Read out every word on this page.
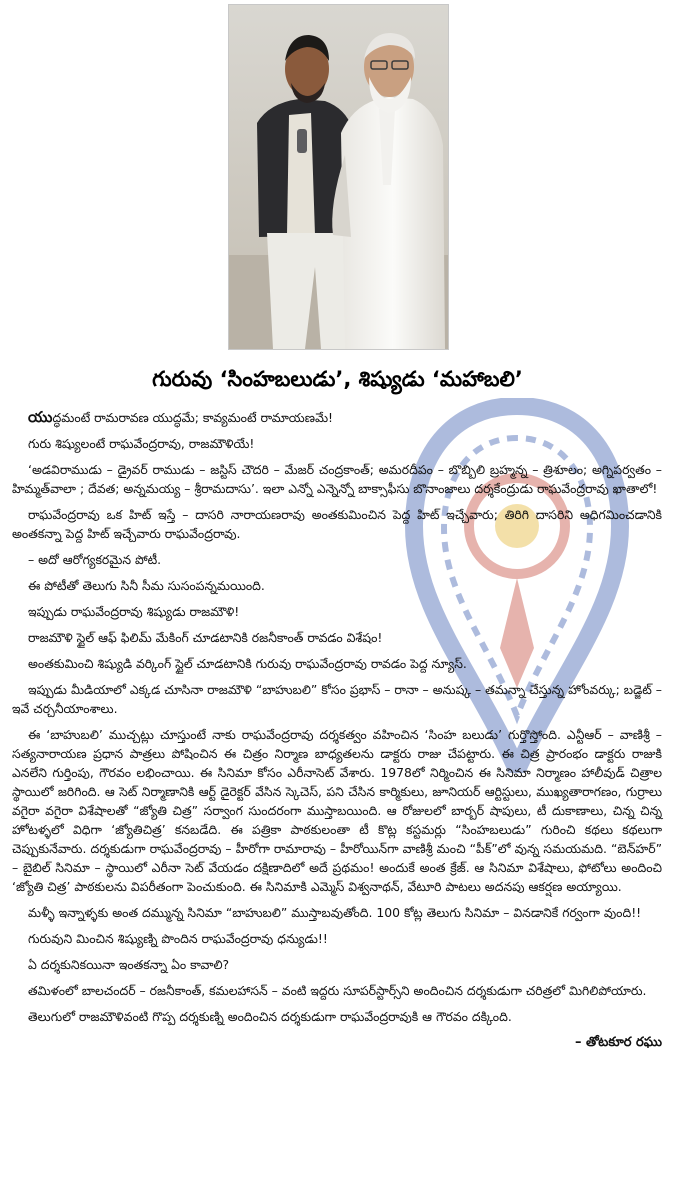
గురువు ‘సింహబలుడు’, శిష్యుడు ‘మహాబలి’

యుద్ధమంటే రామరావణ యుద్ధమే; కావ్యమంటే రామాయణమే!

గురు శిష్యులంటే రాఘవేంద్రరావు, రాజమౌళియే!

‘అడవిరాముడు – డ్రైవర్ రాముడు – జస్టిస్ చౌదరి – మేజర్ చంద్రకాంత్; అమరదీపం – బొబ్బిలి బ్రహ్మన్న – త్రిశూలం; అగ్నిపర్వతం – హిమ్మత్‌వాలా ; దేవత; అన్నమయ్య – శ్రీరామదాసు’. ఇలా ఎన్నో ఎన్నెన్నో బాక్సాఫీసు బొనాంజాలు దర్శకేంద్రుడు రాఘవేంద్రరావు ఖాతాలో!

రాఘవేంద్రరావు ఒక హిట్ ఇస్తే – దాసరి నారాయణరావు అంతకుమించిన పెద్ద హిట్ ఇచ్చేవారు; తిరిగి దాసరిని అధిగమించడానికి అంతకన్నా పెద్ద హిట్ ఇచ్చేవారు రాఘవేంద్రరావు.

– అదో ఆరోగ్యకరమైన పోటీ.

ఈ పోటీతో తెలుగు సినీ సీమ సుసంపన్నమయింది.

ఇప్పుడు రాఘవేంద్రరావు శిష్యుడు రాజమౌళి!

రాజమౌళి స్టైల్ ఆఫ్ ఫిలిమ్ మేకింగ్ చూడటానికి రజనీకాంత్ రావడం విశేషం!

అంతకుమించి శిష్యుడి వర్కింగ్ స్టైల్ చూడటానికి గురువు రాఘవేంద్రరావు రావడం పెద్ద న్యూస్.

ఇప్పుడు మీడియాలో ఎక్కడ చూసినా రాజమౌళి “బాహుబలి” కోసం ప్రభాస్ – రానా – అనుష్క – తమన్నా చేస్తున్న హోంవర్కు; బడ్జెట్ – ఇవే చర్చనీయాంశాలు.

ఈ ‘బాహుబలి’ ముచ్చట్లు చూస్తుంటే నాకు రాఘవేంద్రరావు దర్శకత్వం వహించిన ‘సింహ బలుడు’ గుర్తొస్తోంది. ఎన్టీఆర్ – వాణిశ్రీ – సత్యనారాయణ ప్రధాన పాత్రలు పోషించిన ఈ చిత్రం నిర్మాణ బాధ్యతలను డాక్టరు రాజు చేపట్టారు. ఈ చిత్ర ప్రారంభం డాక్టరు రాజుకి ఎనలేని గుర్తింపు, గౌరవం లభించాయి. ఈ సినిమా కోసం ఎరీనాసెట్ వేశారు. 1978లో నిర్మించిన ఈ సినిమా నిర్మాణం హాలీవుడ్ చిత్రాల స్థాయిలో జరిగింది. ఆ సెట్ నిర్మాణానికి ఆర్ట్ డైరెక్టర్ వేసిన స్కెచెస్, పని చేసిన కార్మికులు, జూనియర్ ఆర్టిస్టులు, ముఖ్యతారాగణం, గుర్రాలు వగైరా వగైరా విశేషాలతో “జ్యోతి చిత్ర” సర్వాంగ సుందరంగా ముస్తాబయింది. ఆ రోజులలో బార్బర్ షాపులు, టీ దుకాణాలు, చిన్న చిన్న హోటళ్ళలో విధిగా ‘జ్యోతిచిత్ర’ కనబడేది. ఈ పత్రికా పాఠకులంతా టీ కొట్ల కస్టమర్లు “సింహబలుడు” గురించి కథలు కథలుగా చెప్పుకునేవారు. దర్శకుడుగా రాఘవేంద్రరావు – హీరోగా రామారావు – హీరోయిన్‌గా వాణిశ్రీ మంచి “పీక్”లో వున్న సమయమది. “బెన్‌హర్” – బైబిల్ సినిమా – స్థాయిలో ఎరీనా సెట్ వేయడం దక్షిణాదిలో అదే ప్రథమం! అందుకే అంత క్రేజ్. ఆ సినిమా విశేషాలు, ఫోటోలు అందించి ‘జ్యోతి చిత్ర’ పాఠకులను విపరీతంగా పెంచుకుంది. ఈ సినిమాకి ఎమ్మెస్ విశ్వనాథన్, వేటూరి పాటలు అదనపు ఆకర్షణ అయ్యాయి.

మళ్ళీ ఇన్నాళ్ళకు అంత దమ్మున్న సినిమా “బాహుబలి” ముస్తాబవుతోంది. 100 కోట్ల తెలుగు సినిమా – వినడానికే గర్వంగా వుంది!!

గురువుని మించిన శిష్యుణ్ని పొందిన రాఘవేంద్రరావు ధన్యుడు!!

ఏ దర్శకునికయినా ఇంతకన్నా ఏం కావాలి?

తమిళంలో బాలచందర్ – రజనీకాంత్, కమలహాసన్ – వంటి ఇద్దరు సూపర్‌స్టార్స్‌ని అందించిన దర్శకుడుగా చరిత్రలో మిగిలిపోయారు.

తెలుగులో రాజమౌళివంటి గొప్ప దర్శకుణ్ని అందించిన దర్శకుడుగా రాఘవేంద్రరావుకి ఆ గౌరవం దక్కింది.

– తోటకూర రఘు
